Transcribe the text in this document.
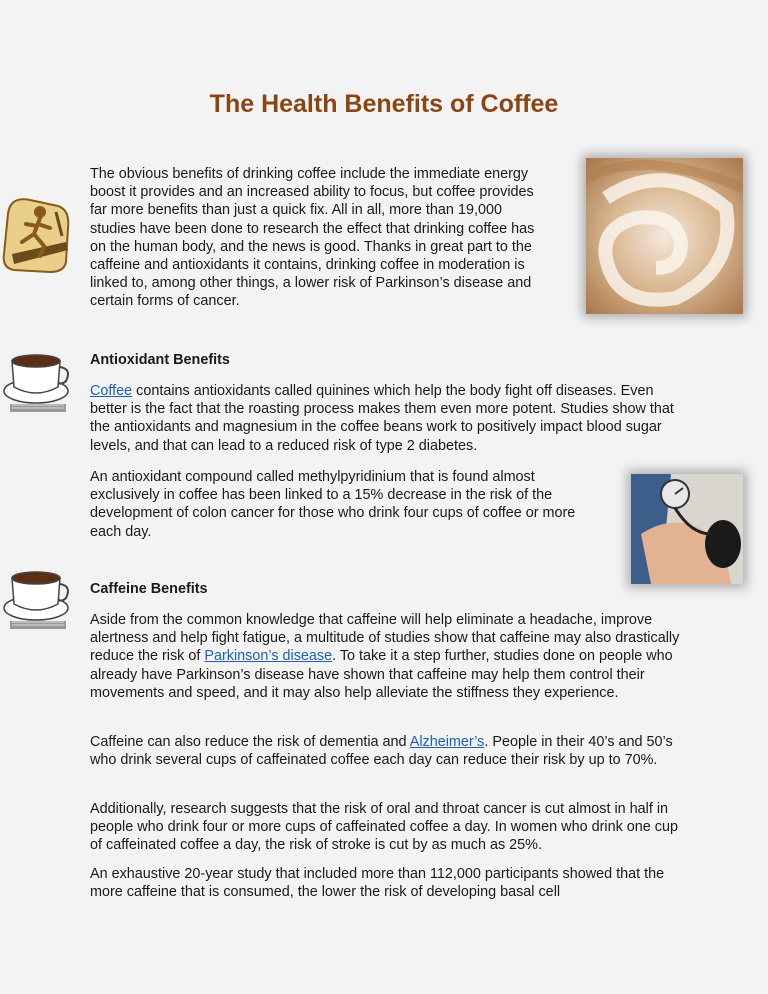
The Health Benefits of Coffee

The obvious benefits of drinking coffee include the immediate energy boost it provides and an increased ability to focus, but coffee provides far more benefits than just a quick fix. All in all, more than 19,000 studies have been done to research the effect that drinking coffee has on the human body, and the news is good. Thanks in great part to the caffeine and antioxidants it contains, drinking coffee in moderation is linked to, among other things, a lower risk of Parkinson’s disease and certain forms of cancer.

Antioxidant Benefits

Coffee contains antioxidants called quinines which help the body fight off diseases. Even better is the fact that the roasting process makes them even more potent. Studies show that the antioxidants and magnesium in the coffee beans work to positively impact blood sugar levels, and that can lead to a reduced risk of type 2 diabetes.

An antioxidant compound called methylpyridinium that is found almost exclusively in coffee has been linked to a 15% decrease in the risk of the development of colon cancer for those who drink four cups of coffee or more each day.

Caffeine Benefits

Aside from the common knowledge that caffeine will help eliminate a headache, improve alertness and help fight fatigue, a multitude of studies show that caffeine may also drastically reduce the risk of Parkinson’s disease. To take it a step further, studies done on people who already have Parkinson’s disease have shown that caffeine may help them control their movements and speed, and it may also help alleviate the stiffness they experience.

Caffeine can also reduce the risk of dementia and Alzheimer’s. People in their 40’s and 50’s who drink several cups of caffeinated coffee each day can reduce their risk by up to 70%.

Additionally, research suggests that the risk of oral and throat cancer is cut almost in half in people who drink four or more cups of caffeinated coffee a day. In women who drink one cup of caffeinated coffee a day, the risk of stroke is cut by as much as 25%.

An exhaustive 20-year study that included more than 112,000 participants showed that the more caffeine that is consumed, the lower the risk of developing basal cell
